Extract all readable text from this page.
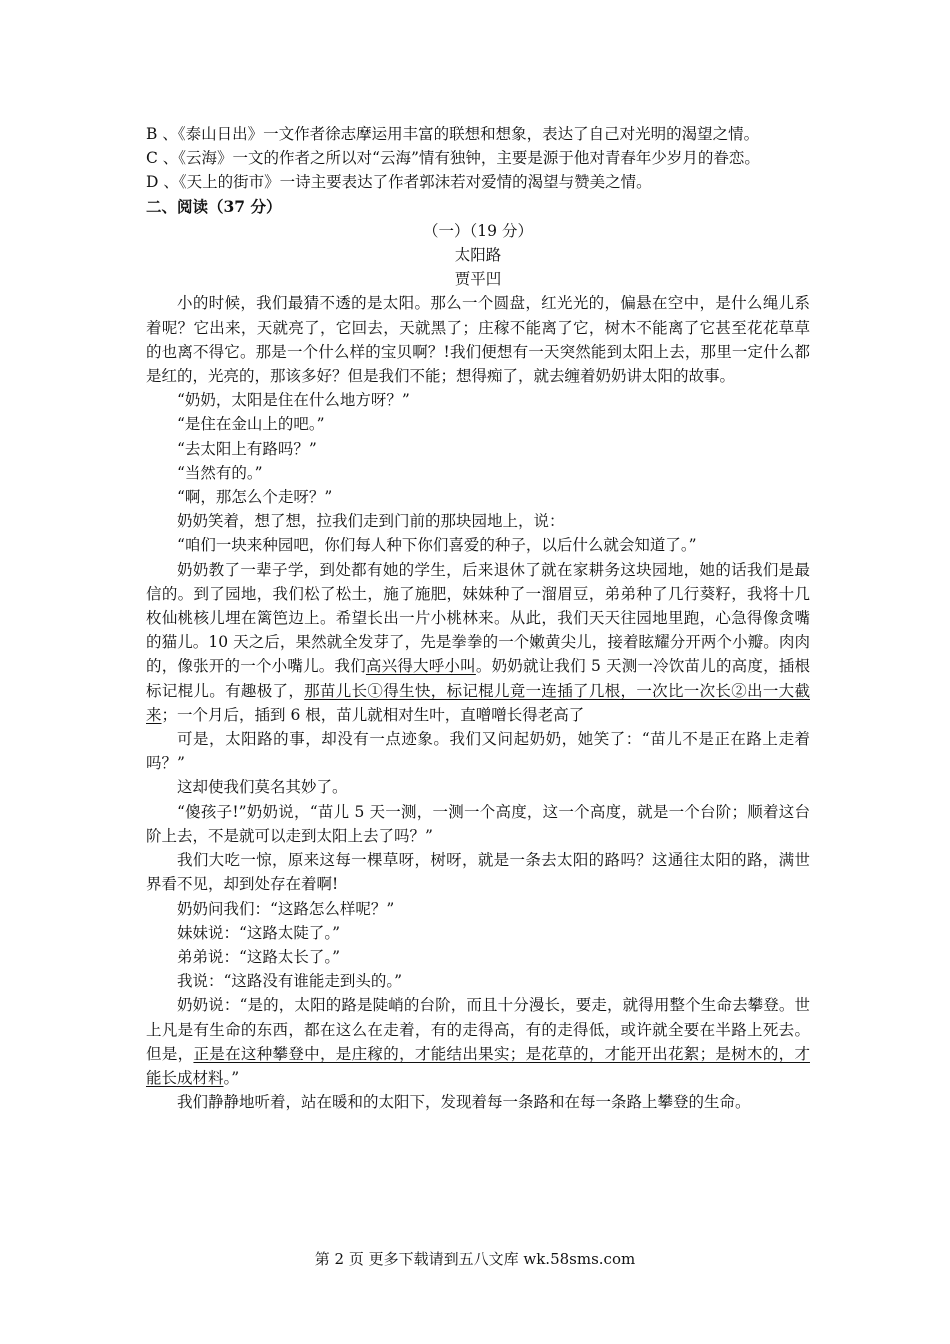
B 、《泰山日出》一文作者徐志摩运用丰富的联想和想象，表达了自己对光明的渴望之情。

C 、《云海》一文的作者之所以对“云海”情有独钟，主要是源于他对青春年少岁月的眷恋。

D 、《天上的街市》一诗主要表达了作者郭沫若对爱情的渴望与赞美之情。

二、阅读（37 分）

（一）（19 分）

太阳路

贾平凹

小的时候，我们最猜不透的是太阳。那么一个圆盘，红光光的，偏悬在空中，是什么绳儿系着呢？它出来，天就亮了，它回去，天就黑了；庄稼不能离了它，树木不能离了它甚至花花草草的也离不得它。那是一个什么样的宝贝啊？!我们便想有一天突然能到太阳上去，那里一定什么都是红的，光亮的，那该多好？但是我们不能；想得痴了，就去缠着奶奶讲太阳的故事。

“奶奶，太阳是住在什么地方呀？”

“是住在金山上的吧。”

“去太阳上有路吗？”

“当然有的。”

“啊，那怎么个走呀？”

奶奶笑着，想了想，拉我们走到门前的那块园地上，说：

“咱们一块来种园吧，你们每人种下你们喜爱的种子，以后什么就会知道了。”

奶奶教了一辈子学，到处都有她的学生，后来退休了就在家耕务这块园地，她的话我们是最信的。到了园地，我们松了松土，施了施肥，妹妹种了一溜眉豆，弟弟种了几行葵籽，我将十几枚仙桃核儿埋在篱笆边上。希望长出一片小桃林来。从此，我们天天往园地里跑，心急得像贪嘴的猫儿。10 天之后，果然就全发芽了，先是拳拳的一个嫩黄尖儿，接着眩耀分开两个小瓣。肉肉的，像张开的一个小嘴儿。我们高兴得大呼小叫。奶奶就让我们 5 天测一冷饮苗儿的高度，插根标记棍儿。有趣极了，那苗儿长①得生快，标记棍儿竟一连插了几根，一次比一次长②出一大截来；一个月后，插到 6 根，苗儿就相对生叶，直噌噌长得老高了

可是，太阳路的事，却没有一点迹象。我们又问起奶奶，她笑了：“苗儿不是正在路上走着吗？”

这却使我们莫名其妙了。

“傻孩子!”奶奶说，“苗儿 5 天一测，一测一个高度，这一个高度，就是一个台阶；顺着这台阶上去，不是就可以走到太阳上去了吗？”

我们大吃一惊，原来这每一棵草呀，树呀，就是一条去太阳的路吗？这通往太阳的路，满世界看不见，却到处存在着啊!

奶奶问我们：“这路怎么样呢？”

妹妹说：“这路太陡了。”

弟弟说：“这路太长了。”

我说：“这路没有谁能走到头的。”

奶奶说：“是的，太阳的路是陡峭的台阶，而且十分漫长，要走，就得用整个生命去攀登。世上凡是有生命的东西，都在这么在走着，有的走得高，有的走得低，或许就全要在半路上死去。但是，正是在这种攀登中，是庄稼的，才能结出果实；是花草的，才能开出花絮；是树木的，才能长成材料。”

我们静静地听着，站在暖和的太阳下，发现着每一条路和在每一条路上攀登的生命。

第 2 页 更多下载请到五八文库 wk.58sms.com
